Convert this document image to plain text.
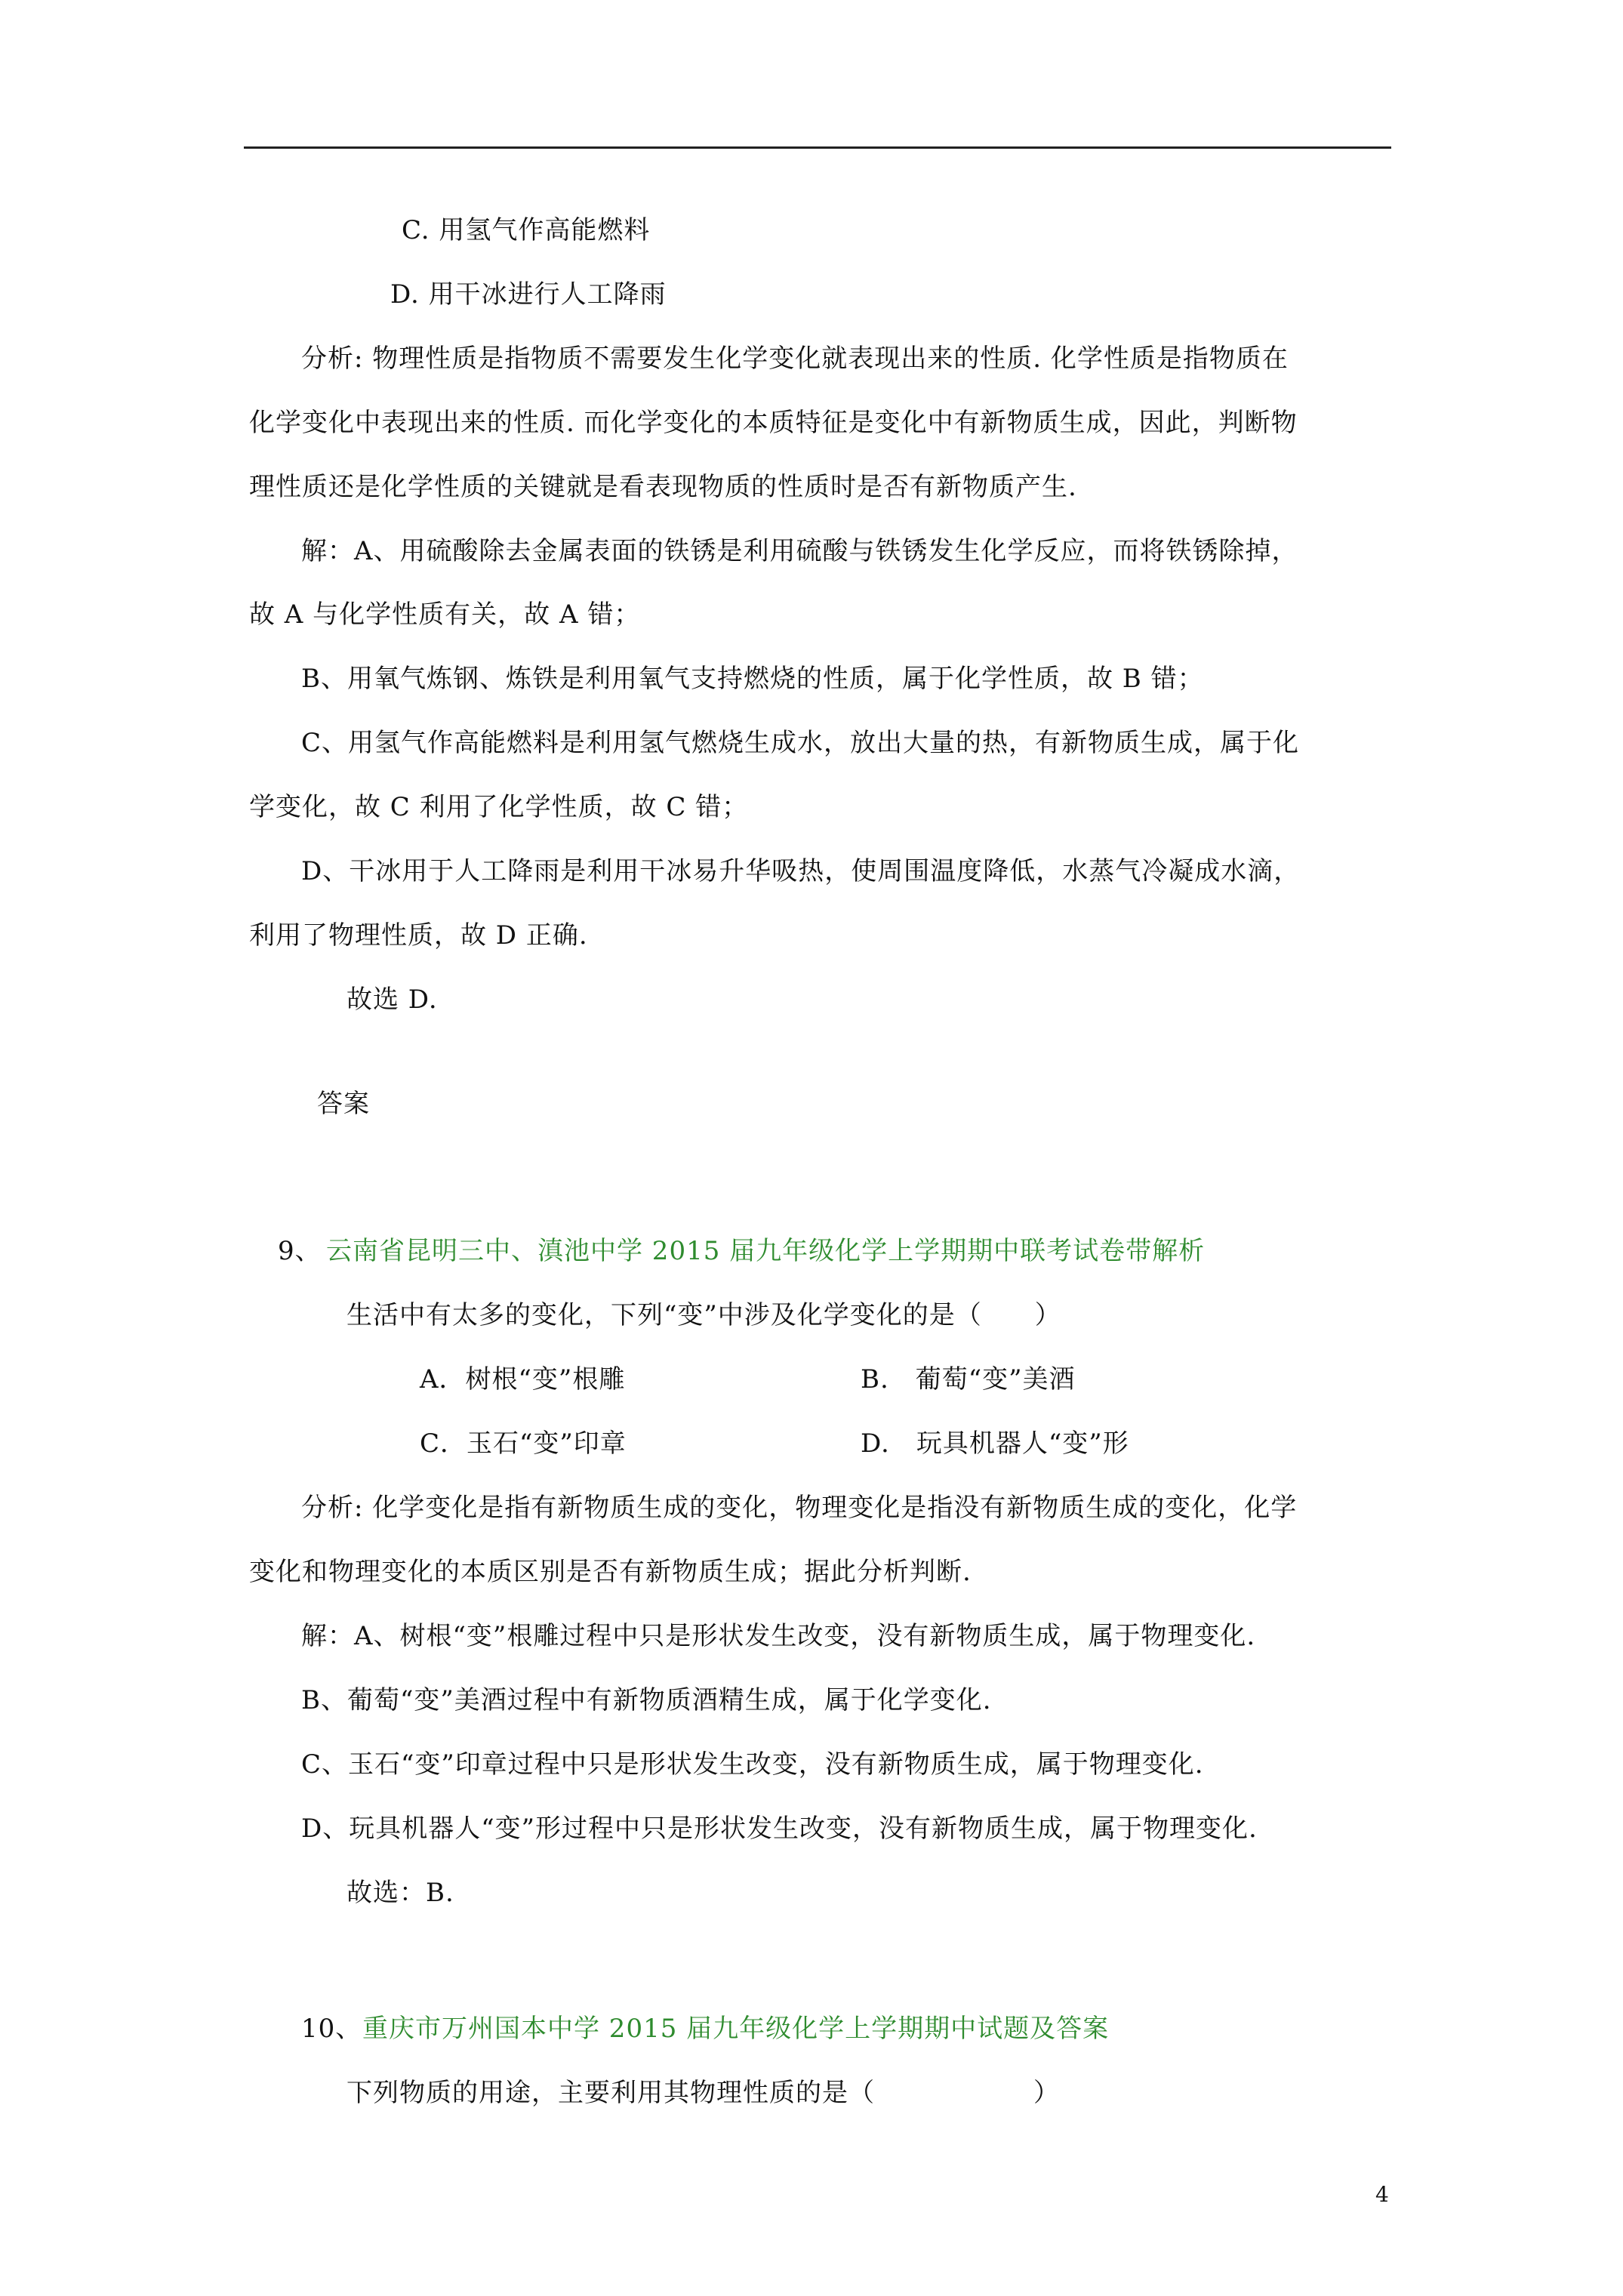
C. 用氢气作高能燃料
D. 用干冰进行人工降雨
分析: 物理性质是指物质不需要发生化学变化就表现出来的性质. 化学性质是指物质在
化学变化中表现出来的性质. 而化学变化的本质特征是变化中有新物质生成，因此，判断物
理性质还是化学性质的关键就是看表现物质的性质时是否有新物质产生.
解：A、用硫酸除去金属表面的铁锈是利用硫酸与铁锈发生化学反应，而将铁锈除掉，
故 A 与化学性质有关，故 A 错；
B、用氧气炼钢、炼铁是利用氧气支持燃烧的性质，属于化学性质，故 B 错；
C、用氢气作高能燃料是利用氢气燃烧生成水，放出大量的热，有新物质生成，属于化
学变化，故 C 利用了化学性质，故 C 错；
D、干冰用于人工降雨是利用干冰易升华吸热，使周围温度降低，水蒸气冷凝成水滴，
利用了物理性质，故 D 正确.
故选 D.
答案
9、 云南省昆明三中、滇池中学 2015 届九年级化学上学期期中联考试卷带解析
生活中有太多的变化，下列“变”中涉及化学变化的是（　　）
A．树根“变”根雕	B.　葡萄“变”美酒
C．玉石“变”印章	D.　玩具机器人“变”形
分析: 化学变化是指有新物质生成的变化，物理变化是指没有新物质生成的变化，化学
变化和物理变化的本质区别是否有新物质生成；据此分析判断.
解：A、树根“变”根雕过程中只是形状发生改变，没有新物质生成，属于物理变化.
B、葡萄“变”美酒过程中有新物质酒精生成，属于化学变化.
C、玉石“变”印章过程中只是形状发生改变，没有新物质生成，属于物理变化.
D、玩具机器人“变”形过程中只是形状发生改变，没有新物质生成，属于物理变化.
故选：B.
10、 重庆市万州国本中学 2015 届九年级化学上学期期中试题及答案
下列物质的用途，主要利用其物理性质的是（　　　　　　）
4
